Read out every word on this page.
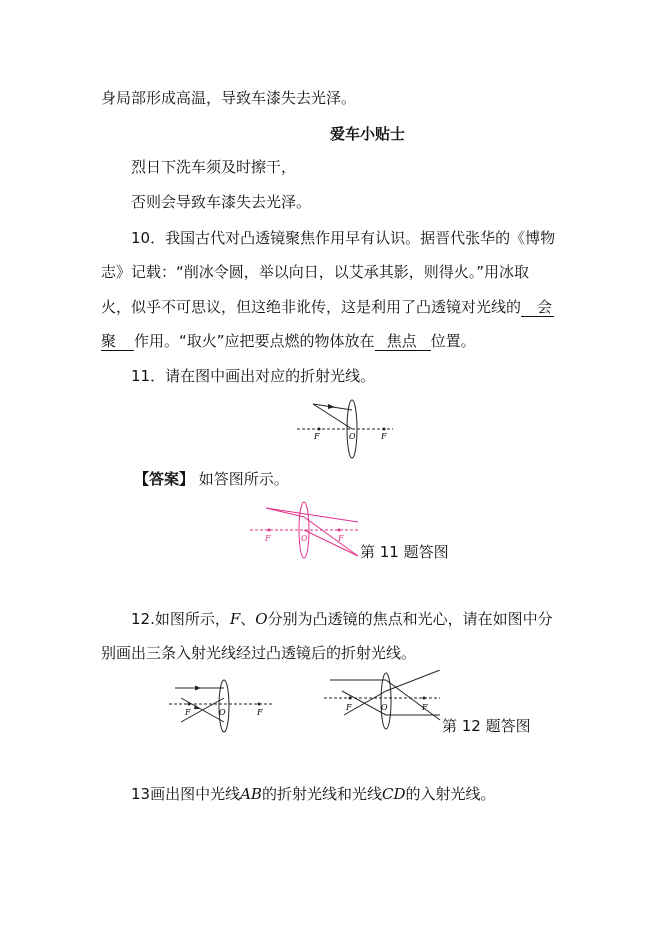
身局部形成高温，导致车漆失去光泽。
爱车小贴士
烈日下洗车须及时擦干，
否则会导致车漆失去光泽。
10．我国古代对凸透镜聚焦作用早有认识。据晋代张华的《博物
志》记载：“削冰令圆，举以向日，以艾承其影，则得火。”用冰取
火，似乎不可思议，但这绝非讹传，这是利用了凸透镜对光线的 会
聚 作用。“取火”应把要点燃的物体放在 焦点 位置。
11．请在图中画出对应的折射光线。
F	O	F
【答案】 如答图所示。
F	O	F
第 11 题答图
12.如图所示，F、O分别为凸透镜的焦点和光心，请在如图中分
别画出三条入射光线经过凸透镜后的折射光线。
F	O	F
F	O	F
第 12 题答图
13画出图中光线AB的折射光线和光线CD的入射光线。
